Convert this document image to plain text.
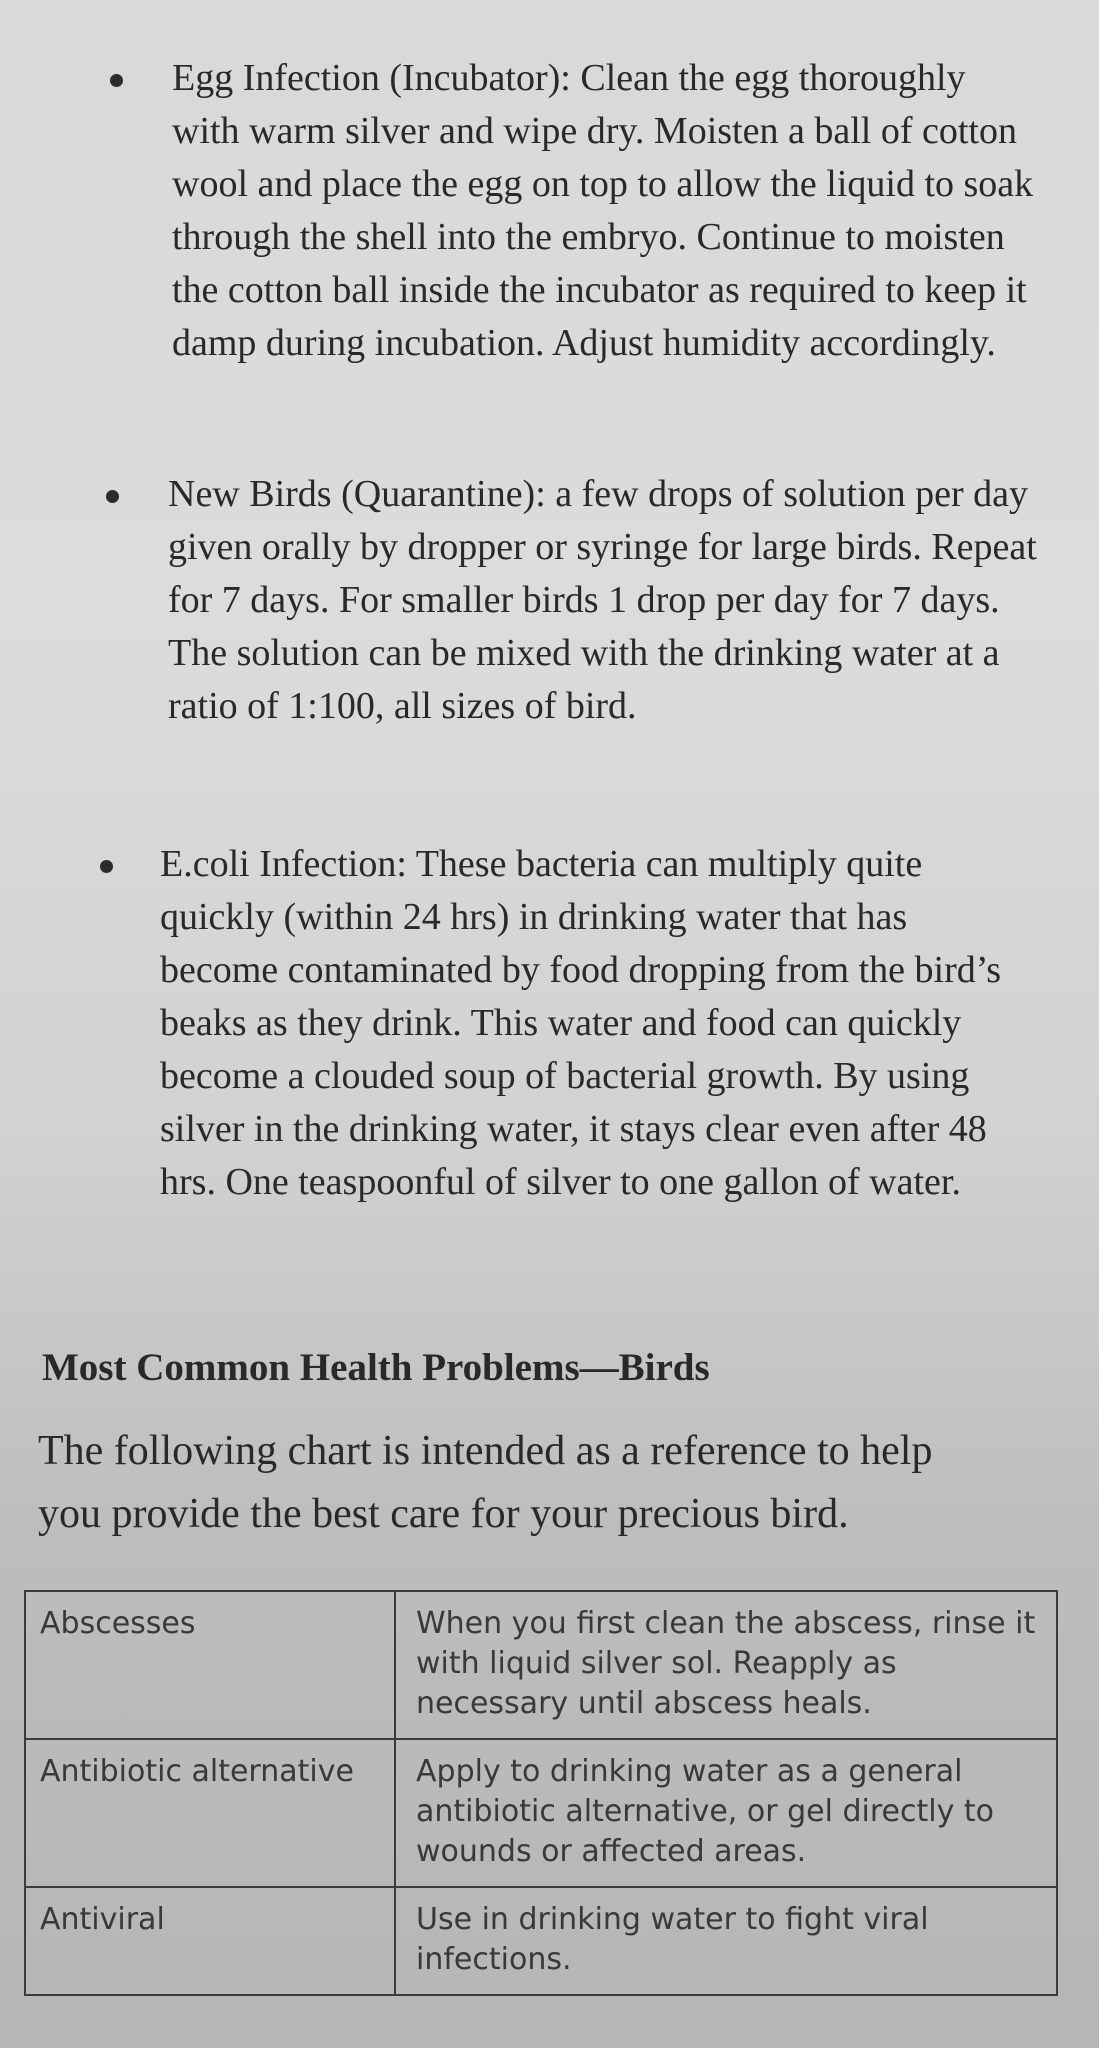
Egg Infection (Incubator): Clean the egg thoroughly with warm silver and wipe dry. Moisten a ball of cotton wool and place the egg on top to allow the liquid to soak through the shell into the embryo. Continue to moisten the cotton ball inside the incubator as required to keep it damp during incubation. Adjust humidity accordingly.

New Birds (Quarantine): a few drops of solution per day given orally by dropper or syringe for large birds. Repeat for 7 days. For smaller birds 1 drop per day for 7 days. The solution can be mixed with the drinking water at a ratio of 1:100, all sizes of bird.

E.coli Infection: These bacteria can multiply quite quickly (within 24 hrs) in drinking water that has become contaminated by food dropping from the bird’s beaks as they drink. This water and food can quickly become a clouded soup of bacterial growth. By using silver in the drinking water, it stays clear even after 48 hrs. One teaspoonful of silver to one gallon of water.

Most Common Health Problems—Birds

The following chart is intended as a reference to help you provide the best care for your precious bird.

Abscesses	When you first clean the abscess, rinse it with liquid silver sol. Reapply as necessary until abscess heals.
Antibiotic alternative	Apply to drinking water as a general antibiotic alternative, or gel directly to wounds or affected areas.
Antiviral	Use in drinking water to fight viral infections.
